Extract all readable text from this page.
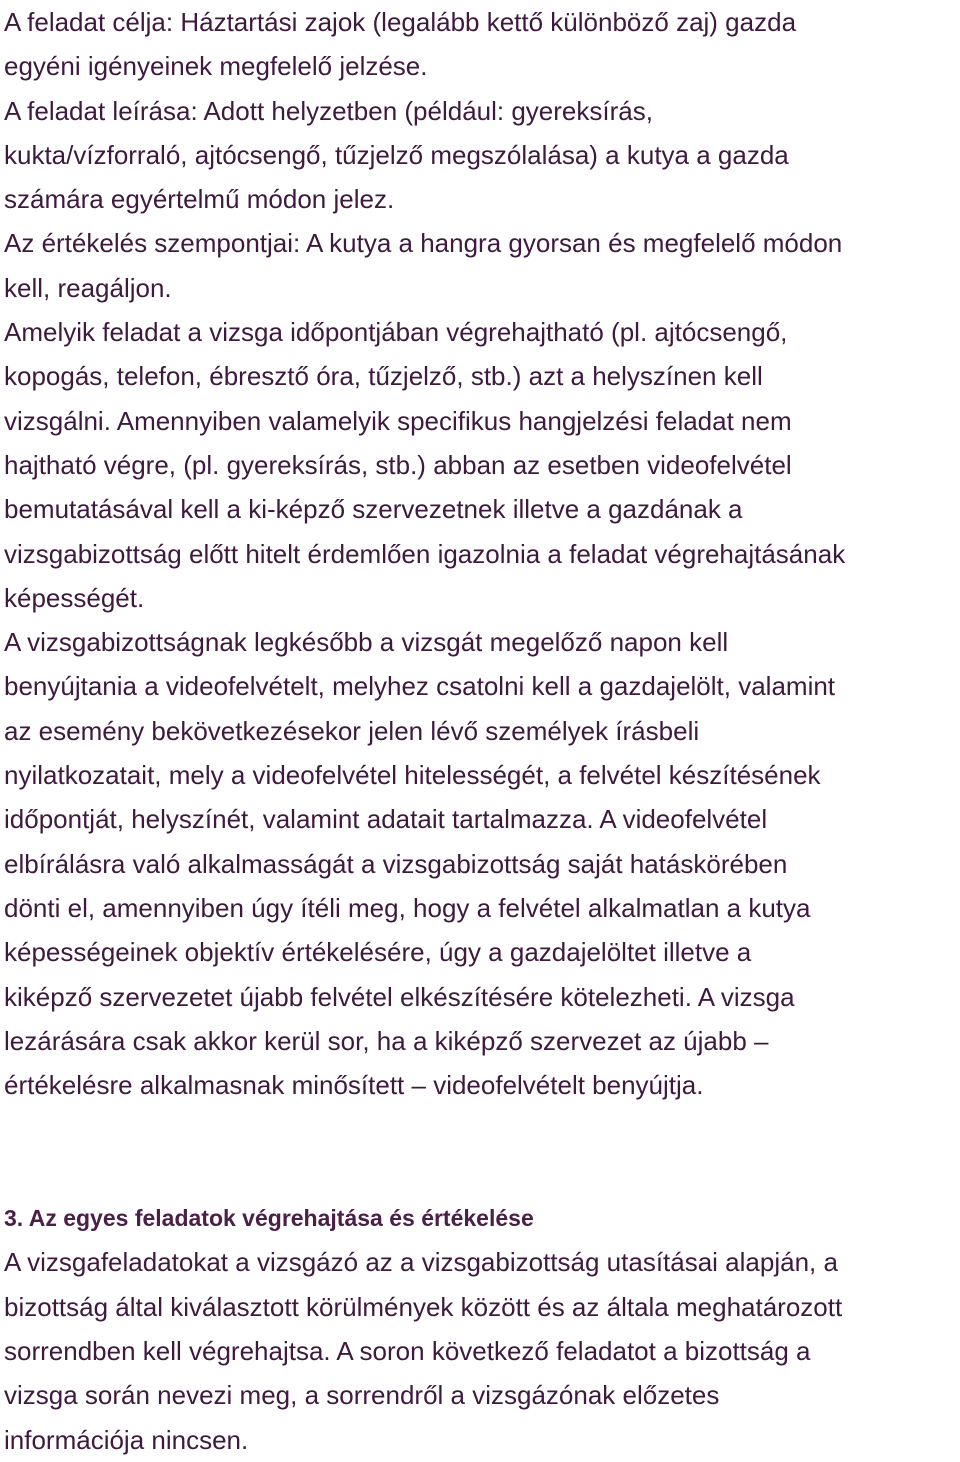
A feladat célja: Háztartási zajok (legalább kettő különböző zaj) gazda
egyéni igényeinek megfelelő jelzése.
A feladat leírása: Adott helyzetben (például: gyereksírás,
kukta/vízforraló, ajtócsengő, tűzjelző megszólalása) a kutya a gazda
számára egyértelmű módon jelez.
Az értékelés szempontjai: A kutya a hangra gyorsan és megfelelő módon
kell, reagáljon.
Amelyik feladat a vizsga időpontjában végrehajtható (pl. ajtócsengő,
kopogás, telefon, ébresztő óra, tűzjelző, stb.) azt a helyszínen kell
vizsgálni. Amennyiben valamelyik specifikus hangjelzési feladat nem
hajtható végre, (pl. gyereksírás, stb.) abban az esetben videofelvétel
bemutatásával kell a ki-képző szervezetnek illetve a gazdának a
vizsgabizottság előtt hitelt érdemlően igazolnia a feladat végrehajtásának
képességét.
A vizsgabizottságnak legkésőbb a vizsgát megelőző napon kell
benyújtania a videofelvételt, melyhez csatolni kell a gazdajelölt, valamint
az esemény bekövetkezésekor jelen lévő személyek írásbeli
nyilatkozatait, mely a videofelvétel hitelességét, a felvétel készítésének
időpontját, helyszínét, valamint adatait tartalmazza. A videofelvétel
elbírálásra való alkalmasságát a vizsgabizottság saját hatáskörében
dönti el, amennyiben úgy ítéli meg, hogy a felvétel alkalmatlan a kutya
képességeinek objektív értékelésére, úgy a gazdajelöltet illetve a
kiképző szervezetet újabb felvétel elkészítésére kötelezheti. A vizsga
lezárására csak akkor kerül sor, ha a kiképző szervezet az újabb –
értékelésre alkalmasnak minősített – videofelvételt benyújtja.
3. Az egyes feladatok végrehajtása és értékelése
A vizsgafeladatokat a vizsgázó az a vizsgabizottság utasításai alapján, a
bizottság által kiválasztott körülmények között és az általa meghatározott
sorrendben kell végrehajtsa. A soron következő feladatot a bizottság a
vizsga során nevezi meg, a sorrendről a vizsgázónak előzetes
információja nincsen.
